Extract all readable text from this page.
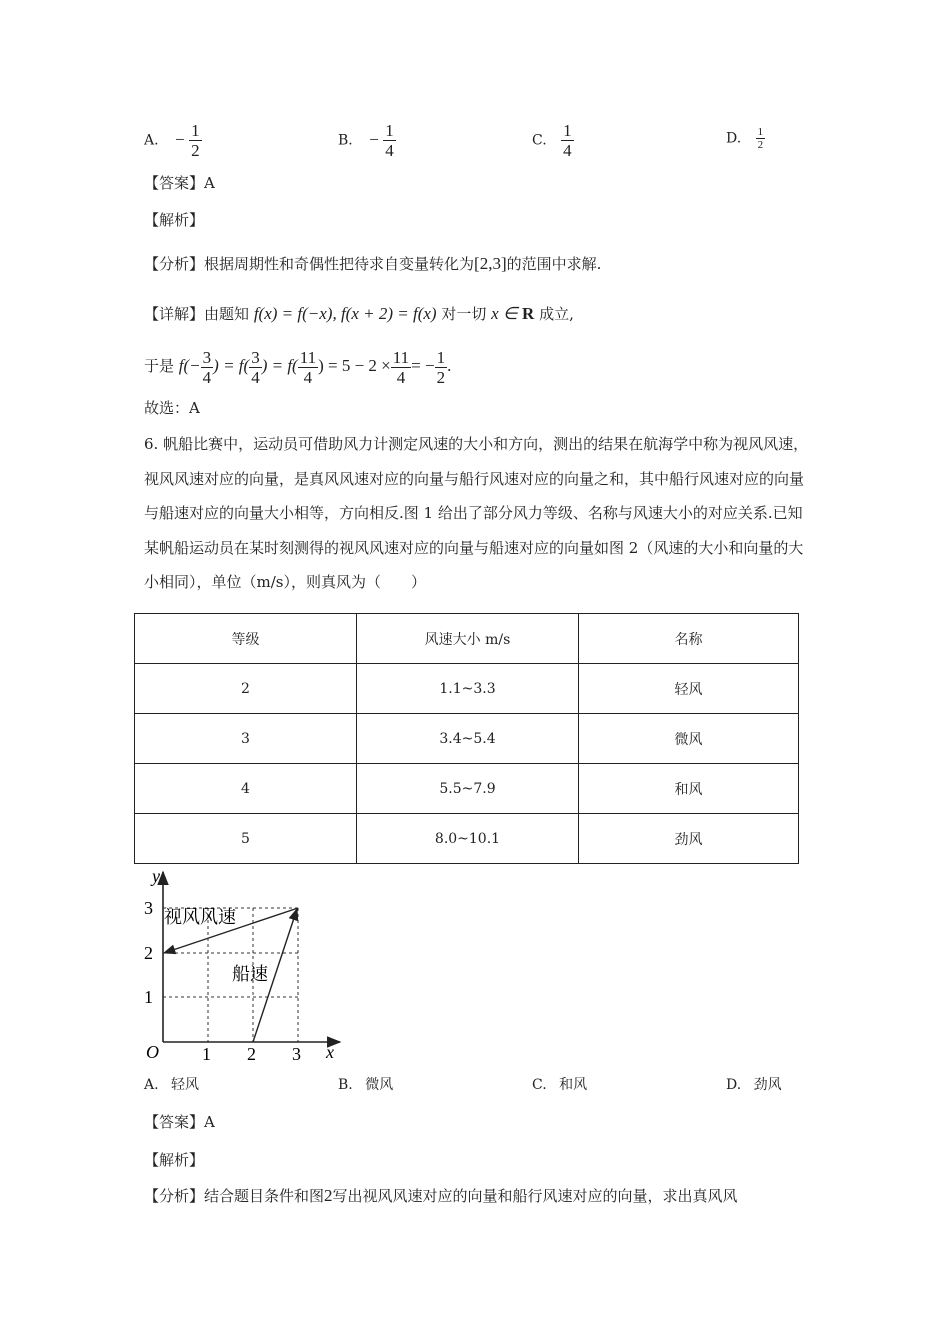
A. − $\frac{1}{2}$	B. − $\frac{1}{4}$	C. $\frac{1}{4}$	D. $\frac{1}{2}$
【答案】A
【解析】
【分析】根据周期性和奇偶性把待求自变量转化为[2,3]的范围中求解.
【详解】由题知 f(x) = f(−x), f(x + 2) = f(x) 对一切 x ∈ R 成立,
于是 $f(- \frac{3}{4}$ ) = $f( \frac{3}{4}$ ) = $f( \frac{11}{4}$ ) = $5 - 2 \times \frac{11}{4}$ = − $\frac{1}{2}$ .
故选：A
6. 帆船比赛中，运动员可借助风力计测定风速的大小和方向，测出的结果在航海学中称为视风风速，视风风速对应的向量，是真风风速对应的向量与船行风速对应的向量之和，其中船行风速对应的向量与船速对应的向量大小相等，方向相反.图 1 给出了部分风力等级、名称与风速大小的对应关系.已知某帆船运动员在某时刻测得的视风风速对应的向量与船速对应的向量如图 2（风速的大小和向量的大小相同），单位（m/s），则真风为（　　）
等级	风速大小 m/s	名称
2	1.1~3.3	轻风
3	3.4~5.4	微风
4	5.5~7.9	和风
5	8.0~10.1	劲风
y
x
O 1 2 3
1
2
3 视风风速
船速
A. 轻风	B. 微风	C. 和风	D. 劲风
【答案】A
【解析】
【分析】结合题目条件和图2写出视风风速对应的向量和船行风速对应的向量，求出真风风
